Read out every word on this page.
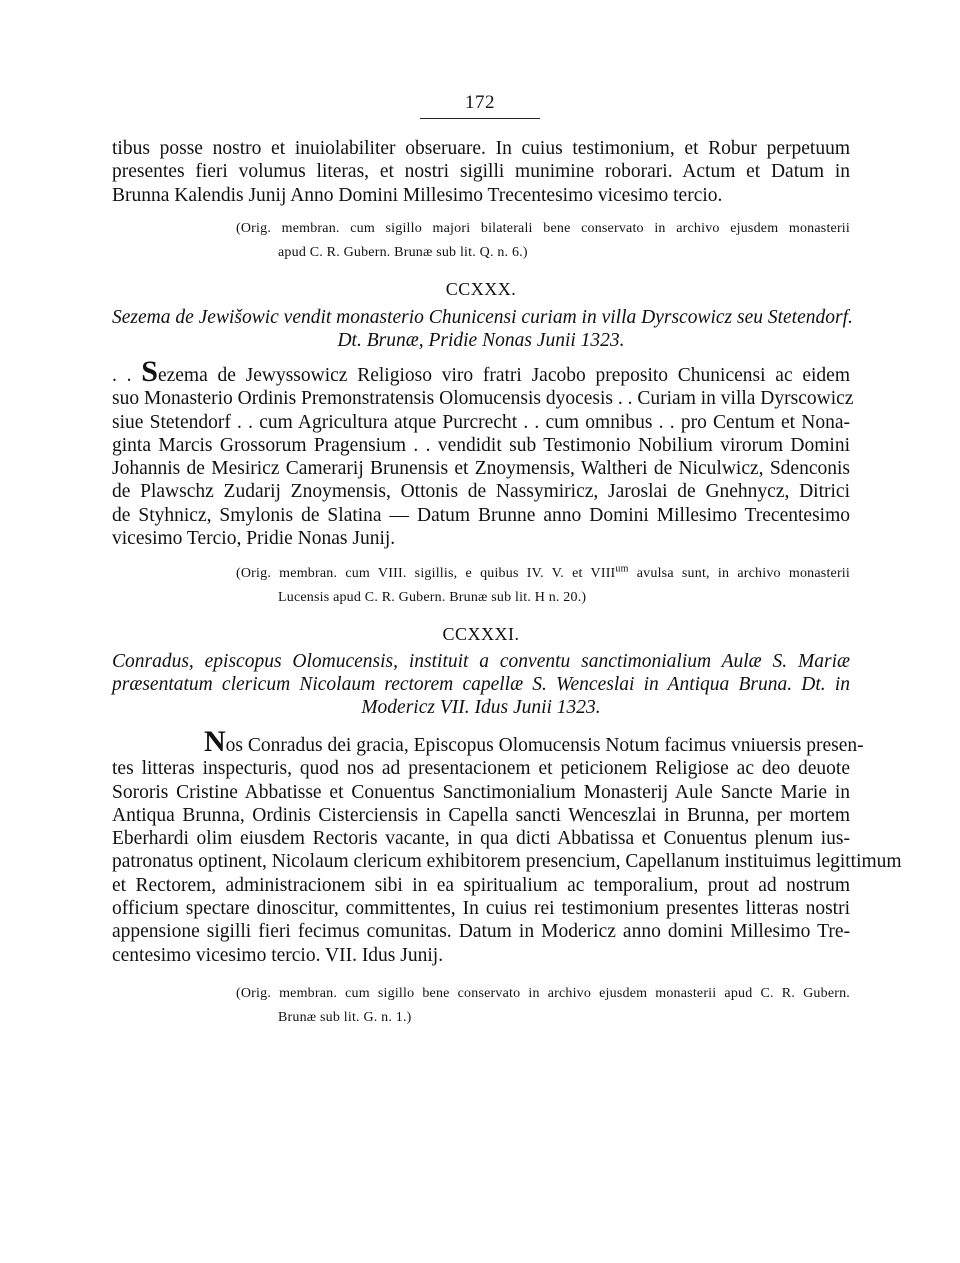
172
tibus posse nostro et inuiolabiliter obseruare. In cuius testimonium, et Robur perpetuum
presentes fieri volumus literas, et nostri sigilli munimine roborari. Actum et Datum in
Brunna Kalendis Junij Anno Domini Millesimo Trecentesimo vicesimo tercio.
(Orig. membran. cum sigillo majori bilaterali bene conservato in archivo ejusdem monasterii
apud C. R. Gubern. Brunæ sub lit. Q. n. 6.)
CCXXX.
Sezema de Jewišowic vendit monasterio Chunicensi curiam in villa Dyrscowicz seu Stetendorf.
Dt. Brunæ, Pridie Nonas Junii 1323.
. . Sezema de Jewyssowicz Religioso viro fratri Jacobo preposito Chunicensi ac eidem
suo Monasterio Ordinis Premonstratensis Olomucensis dyocesis . . Curiam in villa Dyrscowicz
siue Stetendorf . . cum Agricultura atque Purcrecht . . cum omnibus . . pro Centum et Nona-
ginta Marcis Grossorum Pragensium . . vendidit sub Testimonio Nobilium virorum Domini
Johannis de Mesiricz Camerarij Brunensis et Znoymensis, Waltheri de Niculwicz, Sdenconis
de Plawschz Zudarij Znoymensis, Ottonis de Nassymiricz, Jaroslai de Gnehnycz, Ditrici
de Styhnicz, Smylonis de Slatina — Datum Brunne anno Domini Millesimo Trecentesimo
vicesimo Tercio, Pridie Nonas Junij.
(Orig. membran. cum VIII. sigillis, e quibus IV. V. et $VIII^{um}$ avulsa sunt, in archivo monasterii
Lucensis apud C. R. Gubern. Brunæ sub lit. H n. 20.)
CCXXXI.
Conradus, episcopus Olomucensis, instituit a conventu sanctimonialium Aulæ S. Mariæ
præsentatum clericum Nicolaum rectorem capellæ S. Wenceslai in Antiqua Bruna. Dt. in
Modericz VII. Idus Junii 1323.
Nos Conradus dei gracia, Episcopus Olomucensis Notum facimus vniuersis presen-
tes litteras inspecturis, quod nos ad presentacionem et peticionem Religiose ac deo deuote
Sororis Cristine Abbatisse et Conuentus Sanctimonialium Monasterij Aule Sancte Marie in
Antiqua Brunna, Ordinis Cisterciensis in Capella sancti Wenceszlai in Brunna, per mortem
Eberhardi olim eiusdem Rectoris vacante, in qua dicti Abbatissa et Conuentus plenum ius-
patronatus optinent, Nicolaum clericum exhibitorem presencium, Capellanum instituimus legittimum
et Rectorem, administracionem sibi in ea spiritualium ac temporalium, prout ad nostrum
officium spectare dinoscitur, committentes, In cuius rei testimonium presentes litteras nostri
appensione sigilli fieri fecimus comunitas. Datum in Modericz anno domini Millesimo Tre-
centesimo vicesimo tercio. VII. Idus Junij.
(Orig. membran. cum sigillo bene conservato in archivo ejusdem monasterii apud C. R. Gubern.
Brunæ sub lit. G. n. 1.)
